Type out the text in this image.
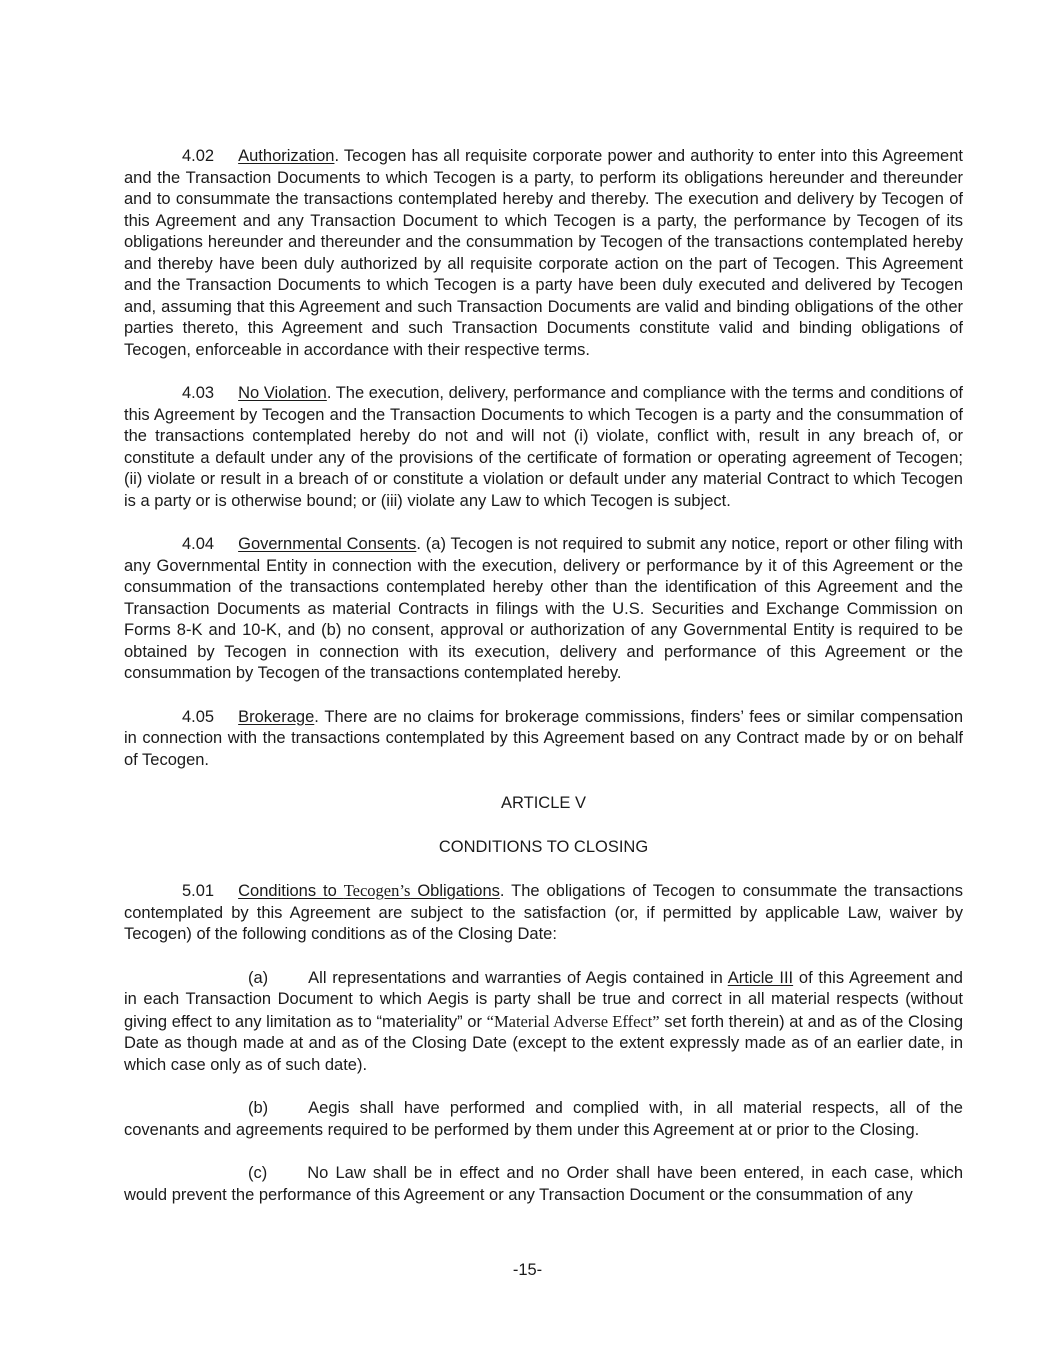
4.02 Authorization. Tecogen has all requisite corporate power and authority to enter into this Agreement and the Transaction Documents to which Tecogen is a party, to perform its obligations hereunder and thereunder and to consummate the transactions contemplated hereby and thereby. The execution and delivery by Tecogen of this Agreement and any Transaction Document to which Tecogen is a party, the performance by Tecogen of its obligations hereunder and thereunder and the consummation by Tecogen of the transactions contemplated hereby and thereby have been duly authorized by all requisite corporate action on the part of Tecogen. This Agreement and the Transaction Documents to which Tecogen is a party have been duly executed and delivered by Tecogen and, assuming that this Agreement and such Transaction Documents are valid and binding obligations of the other parties thereto, this Agreement and such Transaction Documents constitute valid and binding obligations of Tecogen, enforceable in accordance with their respective terms.

4.03 No Violation. The execution, delivery, performance and compliance with the terms and conditions of this Agreement by Tecogen and the Transaction Documents to which Tecogen is a party and the consummation of the transactions contemplated hereby do not and will not (i) violate, conflict with, result in any breach of, or constitute a default under any of the provisions of the certificate of formation or operating agreement of Tecogen; (ii) violate or result in a breach of or constitute a violation or default under any material Contract to which Tecogen is a party or is otherwise bound; or (iii) violate any Law to which Tecogen is subject.

4.04 Governmental Consents. (a) Tecogen is not required to submit any notice, report or other filing with any Governmental Entity in connection with the execution, delivery or performance by it of this Agreement or the consummation of the transactions contemplated hereby other than the identification of this Agreement and the Transaction Documents as material Contracts in filings with the U.S. Securities and Exchange Commission on Forms 8-K and 10-K, and (b) no consent, approval or authorization of any Governmental Entity is required to be obtained by Tecogen in connection with its execution, delivery and performance of this Agreement or the consummation by Tecogen of the transactions contemplated hereby.

4.05 Brokerage. There are no claims for brokerage commissions, finders’ fees or similar compensation in connection with the transactions contemplated by this Agreement based on any Contract made by or on behalf of Tecogen.

ARTICLE V

CONDITIONS TO CLOSING

5.01 Conditions to Tecogen’s Obligations. The obligations of Tecogen to consummate the transactions contemplated by this Agreement are subject to the satisfaction (or, if permitted by applicable Law, waiver by Tecogen) of the following conditions as of the Closing Date:

(a) All representations and warranties of Aegis contained in Article III of this Agreement and in each Transaction Document to which Aegis is party shall be true and correct in all material respects (without giving effect to any limitation as to “materiality” or “Material Adverse Effect” set forth therein) at and as of the Closing Date as though made at and as of the Closing Date (except to the extent expressly made as of an earlier date, in which case only as of such date).

(b) Aegis shall have performed and complied with, in all material respects, all of the covenants and agreements required to be performed by them under this Agreement at or prior to the Closing.

(c) No Law shall be in effect and no Order shall have been entered, in each case, which would prevent the performance of this Agreement or any Transaction Document or the consummation of any

-15-
